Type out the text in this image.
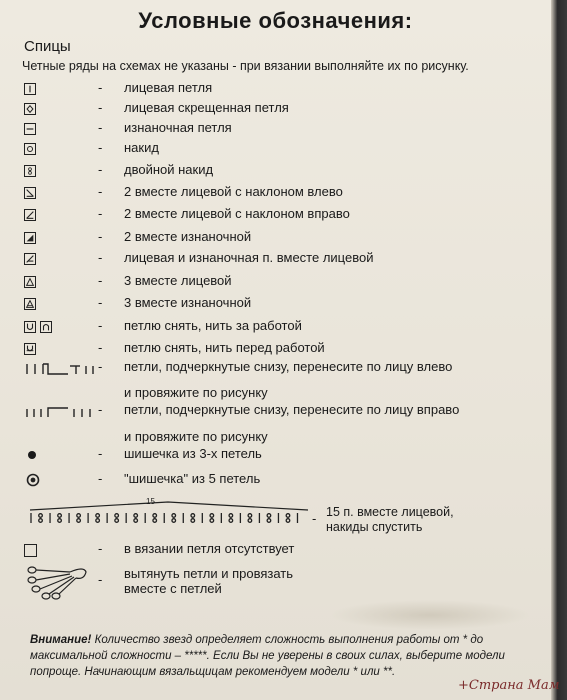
Условные обозначения:
Спицы
Четные ряды на схемах не указаны - при вязании выполняйте их по рисунку.
- лицевая петля
- лицевая скрещенная петля
- изнаночная петля
- накид
- двойной накид
- 2 вместе лицевой с наклоном влево
- 2 вместе лицевой с наклоном вправо
- 2 вместе изнаночной
- лицевая и изнаночная п. вместе лицевой
- 3 вместе лицевой
- 3 вместе изнаночной
- петлю снять, нить за работой
- петлю снять, нить перед работой
- петли, подчеркнутые снизу, перенесите по лицу влево
и провяжите по рисунку
- петли, подчеркнутые снизу, перенесите по лицу вправо
и провяжите по рисунку
- шишечка из 3-х петель
- "шишечка" из 5 петель
15
- 15 п. вместе лицевой,
накиды спустить
- в вязании петля отсутствует
- вытянуть петли и провязать
вместе с петлей
Внимание! Количество звезд определяет сложность выполнения работы от * до максимальной сложности – *****. Если Вы не уверены в своих силах, выберите модели попроще. Начинающим вязальщицам рекомендуем модели * или **.
+Страна Мам
